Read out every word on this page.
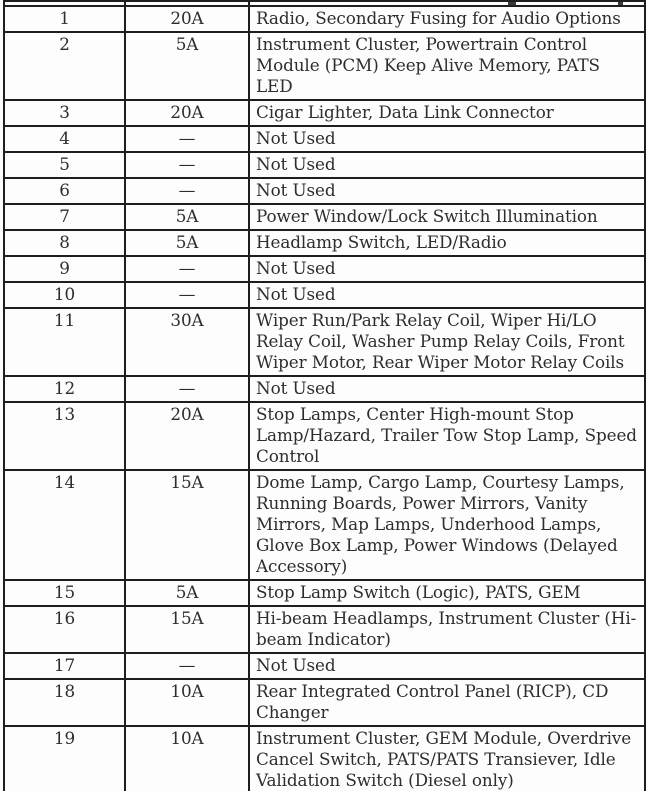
1	20A	Radio, Secondary Fusing for Audio Options
2	5A	Instrument Cluster, Powertrain Control Module (PCM) Keep Alive Memory, PATS LED
3	20A	Cigar Lighter, Data Link Connector
4	—	Not Used
5	—	Not Used
6	—	Not Used
7	5A	Power Window/Lock Switch Illumination
8	5A	Headlamp Switch, LED/Radio
9	—	Not Used
10	—	Not Used
11	30A	Wiper Run/Park Relay Coil, Wiper Hi/LO Relay Coil, Washer Pump Relay Coils, Front Wiper Motor, Rear Wiper Motor Relay Coils
12	—	Not Used
13	20A	Stop Lamps, Center High-mount Stop Lamp/Hazard, Trailer Tow Stop Lamp, Speed Control
14	15A	Dome Lamp, Cargo Lamp, Courtesy Lamps, Running Boards, Power Mirrors, Vanity Mirrors, Map Lamps, Underhood Lamps, Glove Box Lamp, Power Windows (Delayed Accessory)
15	5A	Stop Lamp Switch (Logic), PATS, GEM
16	15A	Hi-beam Headlamps, Instrument Cluster (Hi-beam Indicator)
17	—	Not Used
18	10A	Rear Integrated Control Panel (RICP), CD Changer
19	10A	Instrument Cluster, GEM Module, Overdrive Cancel Switch, PATS/PATS Transiever, Idle Validation Switch (Diesel only)
